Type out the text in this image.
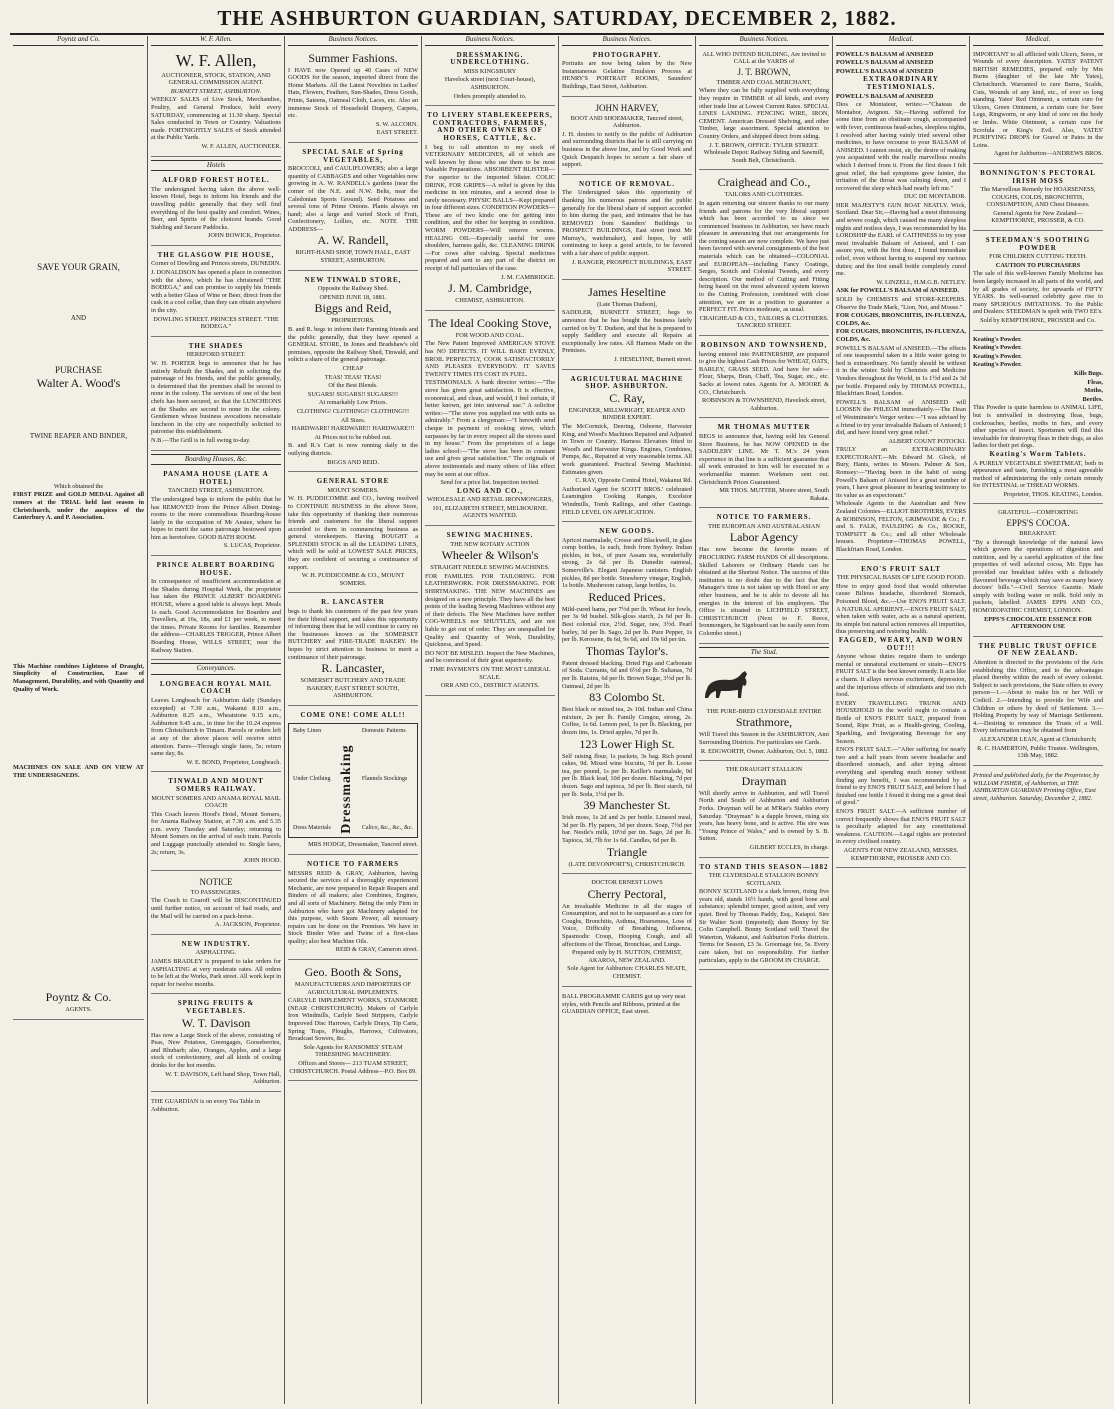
THE ASHBURTON GUARDIAN, SATURDAY, DECEMBER 2, 1882.
Poyntz and Co.
SAVE YOUR GRAIN,
AND
PURCHASE
Walter A. Wood's
TWINE REAPER AND BINDER,

Which obtained the

FIRST PRIZE and GOLD MEDAL Against all comers at the TRIAL held last season in Christchurch, under the auspices of the Canterbury A. and P. Association.

This Machine combines Lightness of Draught, Simplicity of Construction, Ease of Management, Durability, and with Quantity and Quality of Work.

MACHINES ON SALE AND ON VIEW AT THE UNDERSIGNEDS.

Poyntz & Co.

AGENTS.

W. F. Allen.
W. F. Allen,

AUCTIONEER, STOCK, STATION, AND GENERAL COMMISSION AGENT.

BURNETT STREET, ASHBURTON.

WEEKLY SALES of Live Stock, Merchandise, Poultry, and General Produce, held every SATURDAY, commencing at 11.30 sharp. Special Sales conducted in Town or Country. Valuations made. FORTNIGHTLY SALES of Stock attended at the Public Yards.

W. F. ALLEN, AUCTIONEER.

Hotels
ALFORD FOREST HOTEL.

The undersigned having taken the above well-known Hotel, begs to inform his friends and the travelling public generally that they will find everything of the best quality and comfort. Wines, Beer, and Spirits of the choicest brands. Good Stabling and Secure Paddocks.

JOHN BOWICK, Proprietor.

THE GLASGOW PIE HOUSE,

Corner of Dowling and Princes streets, DUNEDIN.

J. DONALDSON has opened a place in connection with the above, which he has christened "THE BODEGA," and can promise to supply his friends with a better Glass of Wine or Beer, direct from the cask in a cool cellar, than they can obtain anywhere in the city.

DOWLING STREET. PRINCES STREET. "THE BODEGA."

THE SHADES

HEREFORD STREET.

W. H. PORTER begs to announce that he has entirely Rebuilt the Shades, and in soliciting the patronage of his friends, and the public generally, is determined that the premises shall be second to none in the colony. The services of one of the best chefs has been secured, so that the LUNCHEONS at the Shades are second to none in the colony. Gentlemen whose business avocations necessitate luncheon in the city are respectfully solicited to patronise this establishment.

N.B.—The Grill is in full swing to-day.

Boarding Houses, &c.
PANAMA HOUSE (LATE A HOTEL)

TANCRED STREET, ASHBURTON.

The undersigned begs to inform the public that he has REMOVED from the Prince Albert Dining-rooms to the more commodious Boarding-house lately in the occupation of Mr Anstee, where he hopes to merit the same patronage bestowed upon him as heretofore. GOOD BATH ROOM.

S. LUCAS, Proprietor.

PRINCE ALBERT BOARDING HOUSE.

In consequence of insufficient accommodation at the Shades during Hospital Week, the proprietor has taken the PRINCE ALBERT BOARDING HOUSE, where a good table is always kept. Meals 1s each. Good Accommodation for Boarders and Travellers, at 16s, 18s, and £1 per week, to meet the times. Private Rooms for families. Remember the address—CHARLES TRIGGER, Prince Albert Boarding House, WILLS STREET, near the Railway Station.

Conveyances.
LONGBEACH ROYAL MAIL COACH

Leaves Longbeach for Ashburton daily (Sundays excepted) at 7.30 a.m., Wakanui 8.10 a.m., Ashburton 8.25 a.m., Wheatstone 9.15 a.m., Ashburton 9.45 a.m., in time for the 10.24 express from Christchurch to Timaru. Parcels or orders left at any of the above places will receive strict attention. Fares—Through single fares, 5s; return same day, 8s.

W. E. BOND, Proprietor, Longbeach.

TINWALD AND MOUNT SOMERS RAILWAY.

MOUNT SOMERS AND ANAMA ROYAL MAIL COACH

This Coach leaves Hood's Hotel, Mount Somers, for Anama Railway Station, at 7.30 a.m. and 5.35 p.m. every Tuesday and Saturday; returning to Mount Somers on the arrival of each train. Parcels and Luggage punctually attended to. Single fares, 2s; return, 3s.

JOHN HOOD.

NOTICE

TO PASSENGERS.

The Coach to Coaroff will be DISCONTINUED until further notice, on account of bad roads, and the Mail will be carried on a pack-horse.

A. JACKSON, Proprietor.

NEW INDUSTRY.

ASPHALTING.

JAMES BRADLEY is prepared to take orders for ASPHALTING at very moderate rates. All orders to be left at the Works, Park street. All work kept in repair for twelve months.

SPRING FRUITS & VEGETABLES.
W. T. Davison

Has now a Large Stock of the above, consisting of Peas, New Potatoes, Greengages, Gooseberries, and Rhubarb; also, Oranges, Apples, and a large stock of confectionery, and all kinds of cooling drinks for the hot months.

W. T. DAVISON, Left hand Shop, Town Hall, Ashburton.

THE GUARDIAN is on every Tea Table in Ashburton.

Business Notices.
Summer Fashions.

I HAVE now Opened up 40 Cases of NEW GOODS for the season, imported direct from the Home Markets. All the Latest Novelties in Ladies' Hats, Flowers, Feathers, Sun-Shades, Dress Goods, Prints, Sateens, Oatmeal Cloth, Laces, etc. Also an immense Stock of Household Drapery, Carpets, etc.

S. W. ALCORN.

EAST STREET.

SPECIAL SALE of Spring VEGETABLES,

BROCCOLI, and CAULIFLOWERS; also a large quantity of CABBAGES and other Vegetables now growing in A. W. RANDELL's gardens (near the corner of the N.E. and N.W. Belts, near the Caledonian Sports Ground). Seed Potatoes and several tons of Prime Onions. Plants always on hand; also a large and varied Stock of Fruit, Confectionery, Lollies, etc. NOTE THE ADDRESS—

A. W. Randell,

RIGHT-HAND SHOP, TOWN HALL, EAST STREET, ASHBURTON.

NEW TINWALD STORE,

Opposite the Railway Shed.

OPENED JUNE 18, 1881.

Biggs and Reid,

PROPRIETORS.

B. and R. begs to inform their Farming friends and the public generally, that they have opened a GENERAL STORE, In Jones and Bradshaw's old premises, opposite the Railway Shed, Tinwald, and solicit a share of the general patronage.

CHEAP

TEAS! TEAS! TEAS!

Of the Best Blends.

SUGARS! SUGARS!! SUGARS!!!

At remarkably Low Prices.

CLOTHING! CLOTHING!! CLOTHING!!!

All Sizes.

HARDWARE! HARDWARE!! HARDWARE!!!

At Prices not to be rubbed out.

B. and R.'s Cart is now running daily in the outlying districts.

BIGGS AND REID.

GENERAL STORE

MOUNT SOMERS.

W. H. PUDDICOMBE and CO., having resolved to CONTINUE BUSINESS in the above Store, take this opportunity of thanking their numerous friends and customers for the liberal support accorded to them in commencing business as general storekeepers. Having BOUGHT a SPLENDID STOCK in all the LEADING LINES, which will be sold at LOWEST SALE PRICES, they are confident of securing a continuance of support.

W. H. PUDDICOMBE & CO., MOUNT SOMERS.

R. LANCASTER

begs to thank his customers of the past few years for their liberal support, and takes this opportunity of informing them that he will continue to carry on the businesses known as the SOMERSET BUTCHERY and FIRE-TRADE BAKERY. He hopes by strict attention to business to merit a continuance of their patronage.

R. Lancaster,

SOMERSET BUTCHERY AND TRADE BAKERY, EAST STREET SOUTH, ASHBURTON.

COME ONE! COME ALL!!

Baby Linen

Under Clothing

Dress Materials Dressmaking

Domestic Patterns

Flannels Stockings

Calico, &c., &c., &c.

MRS HODGE, Dressmaker, Tancred street.

NOTICE TO FARMERS

MESSRS REID & GRAY, Ashburton, having secured the services of a thoroughly experienced Mechanic, are now prepared to Repair Reapers and Binders of all makers; also Combines, Engines, and all sorts of Machinery. Being the only Firm in Ashburton who have got Machinery adapted for this purpose, with Steam Power, all necessary repairs can be done on the Premises. We have in Stock Binder Wire and Twine of a first-class quality; also best Machine Oils.

REID & GRAY, Cameron street.

Geo. Booth & Sons,

MANUFACTURERS AND IMPORTERS OF AGRICULTURAL IMPLEMENTS.

CARLYLE IMPLEMENT WORKS, STANMORE (NEAR CHRISTCHURCH). Makers of Carlyle Iron Windmills, Carlyle Seed Strippers, Carlyle Improved Disc Harrows, Carlyle Drays, Tip Carts, Spring Traps, Ploughs, Harrows, Cultivators, Broadcast Sowers, &c.

Sole Agents for RANSOMES' STEAM THRESHING MACHINERY.

Offices and Stores— 213 TUAM STREET, CHRISTCHURCH. Postal Address—P.O. Box 89.

Business Notices.
DRESSMAKING. UNDERCLOTHING.

MISS KINGSBURY

Havelock street (next Court-house), ASHBURTON.

Orders promptly attended to.

TO LIVERY STABLEKEEPERS, CONTRACTORS, FARMERS, AND OTHER OWNERS OF HORSES, CATTLE, &c.

I beg to call attention to my stock of VETERINARY MEDICINES, all of which are well known by those who use them to be most Valuable Preparations. ABSORBENT BLISTER—For superior to the imported blister. COLIC DRINK, FOR GRIPES—A relief is given by this medicine in ten minutes, and a second dose is rarely necessary. PHYSIC BALLS—Kept prepared in four different sizes. CONDITION POWDERS—These are of two kinds: one for getting into condition, and the other for keeping in condition. WORM POWDERS—Will remove worms. HEALING OIL—Especially useful for sore shoulders, harness galls, &c. CLEANING DRINK—For cows after calving. Special medicines prepared and sent to any part of the district on receipt of full particulars of the case.

J. M. CAMBRIDGE.

J. M. Cambridge,

CHEMIST, ASHBURTON.

The Ideal Cooking Stove,

FOR WOOD AND COAL.

The New Patent Improved AMERICAN STOVE has NO DEFECTS. IT WILL BAKE EVENLY, BROIL PERFECTLY, COOK SATISFACTORILY AND PLEASES EVERYBODY. IT SAVES TWENTY TIMES ITS COST IN FUEL.

TESTIMONIALS. A bank director writes:—"The stove has given great satisfaction. It is effective, economical, and clean, and would, I feel certain, if better known, get into universal use." A solicitor writes:—"The stove you supplied me with suits us admirably." From a clergyman:—"I herewith send cheque in payment of cooking stove, which surpasses by far in every respect all the stoves used in my house." From the proprietors of a large ladies school:—"The stove has been in constant use and gives great satisfaction." The originals of above testimonials and many others of like effect may be seen at our office.

Send for a price list. Inspection invited.

LONG AND CO.,

WHOLESALE AND RETAIL IRONMONGERS,

101, ELIZABETH STREET, MELBOURNE. AGENTS WANTED.

SEWING MACHINES.

THE NEW ROTARY ACTION

Wheeler & Wilson's

STRAIGHT NEEDLE SEWING MACHINES.

FOR FAMILIES. FOR TAILORING. FOR LEATHERWORK. FOR DRESSMAKING. FOR SHIRTMAKING. THE NEW MACHINES are designed on a new principle. They have all the best points of the leading Sewing Machines without any of their defects. The New Machines have neither COG-WHEELS nor SHUTTLES, and are not liable to get out of order. They are unequalled for Quality and Quantity of Work, Durability, Quickness, and Speed.

DO NOT BE MISLED. Inspect the New Machines, and be convinced of their great superiority.

TIME PAYMENTS ON THE MOST LIBERAL SCALE.

ORR AND CO., DISTRICT AGENTS.

Business Notices.
PHOTOGRAPHY.

Portraits are now being taken by the New Instantaneous Gelatine Emulsion Process at HENRY'S PORTRAIT ROOMS, Saunders' Buildings, East Street, Ashburton.

JOHN HARVEY,

BOOT AND SHOEMAKER, Tancred street, Ashburton.

J. H. desires to notify to the public of Ashburton and surrounding districts that he is still carrying on business in the above line, and by Good Work and Quick Despatch hopes to secure a fair share of support.

NOTICE OF REMOVAL.

The Undersigned takes this opportunity of thanking his numerous patrons and the public generally for the liberal share of support accorded to him during the past, and intimates that he has REMOVED from Saunders' Buildings to PROSPECT BUILDINGS, East street (next Mr Murray's, watchmaker), and hopes, by still continuing to keep a good article, to be favored with a fair share of public support.

J. RANGER, PROSPECT BUILDINGS, EAST STREET.

James Heseltine

(Late Thomas Dudson),

SADDLER, BURNETT STREET, begs to announce that he has bought the business lately carried on by T. Dudson, and that he is prepared to supply Saddlery and execute all Repairs at exceptionally low rates. All Harness Made on the Premises.

J. HESELTINE, Burnett street.

AGRICULTURAL MACHINE SHOP. ASHBURTON.
C. Ray,

ENGINEER, MILLWRIGHT, REAPER AND BINDER EXPERT.

The McCormick, Deering, Osborne, Harvester King, and Wood's Machines Repaired and Adjusted in Town or Country. Harness Elevators fitted to Wood's and Harvester Kings. Engines, Combines, Pumps, &c., Repaired at very reasonable terms. All work guaranteed. Practical Sewing Machinist. Estimates given.

C. RAY, Opposite Central Hotel, Wakanui Rd.

Authorised Agent for SCOTT BROS.' celebrated Leamington Cooking Ranges, Excelsior Windmills, Tomb Railings, and other Castings. FIELD LEVEL ON APPLICATION.

NEW GOODS.

Apricot marmalade, Crosse and Blackwell, in glass comp bottles, 1s each, fresh from Sydney. Indian pickles, in bot., of pure Assam tea, wonderfully strong, 2s 6d per lb. Dunedin oatmeal, Somerville's. Elegant Japanese canisters. English pickles, 8d per bottle. Strawberry vinegar, English, 1s bottle. Mushroom catsup, large bottles, 1s.

Reduced Prices.

Mild-cured hams, per 7½d per lb. Wheat for fowls, per 3s 9d bushel. Silk-gloss starch, 2s 6d per lb. Best colonial rice, 2½d. Sugar, raw, 3½d. Pearl barley, 3d per lb. Sago, 2d per lb. Pure Pepper, 1s per lb. Kerosene, 8s 6d, 9s 6d, and 10s 6d per tin.

Thomas Taylor's.

Patent dressed blacking. Dried Figs and Carbonate of Soda. Currants, 6d and 6½d per lb. Sultanas, 7d per lb. Raisins, 6d per lb. Brown Sugar, 3½d per lb. Oatmeal, 2d per lb.

83 Colombo St.

Best black or mixed tea, 2s 10d. Indian and China mixture, 2s per lb. Family Congou, strong, 2s. Coffee, 1s 6d. Lemon peel, 1s per lb. Blacking, per dozen tins, 1s. Dried apples, 7d per lb.

123 Lower High St.

Self raising flour, 1s packets, 3s bag. Rich pound cakes, 9d. Mixed wine biscuits, 7d per lb. Loose tea, per pound, 1s per lb. Keiller's marmalade, 9d per lb. Black lead, 10d per dozen. Blacking, 7d per dozen. Sago and tapioca, 3d per lb. Best starch, 6d per lb. Soda, 1½d per lb.

39 Manchester St.

Irish moss, 1s 2d and 2s per bottle. Linseed meal, 3d per lb. Fly papers, 3d per dozen. Soap, 7½d per bar. Nestle's milk, 10½d per tin. Sago, 2d per lb. Tapioca, 3d, 7lb for 1s 6d. Candles, 6d per lb.

Triangle

(LATE DEVONPORT'S), CHRISTCHURCH.

DOCTOR ERNEST LOW'S

Cherry Pectoral,

An invaluable Medicine in all the stages of Consumption, and not to be surpassed as a cure for Coughs, Bronchitis, Asthma, Hoarseness, Loss of Voice, Difficulty of Breathing, Influenza, Spasmodic Croup, Hooping Cough, and all affections of the Throat, Bronchiae, and Lungs.

Prepared only by H. NUTTON, CHEMIST, AKAROA, NEW ZEALAND.

Sole Agent for Ashburton: CHARLES NEATE, CHEMIST.

BALL PROGRAMME CARDS got up very neat styles, with Pencils and Ribbons, printed at the GUARDIAN OFFICE, East street.

Business Notices.

ALL WHO INTEND BUILDING, Are invited to CALL at the YARDS of

J. T. BROWN,

TIMBER AND COAL MERCHANT,

Where they can be fully supplied with everything they require in TIMBER of all kinds, and every other trade line at Lowest Current Rates. SPECIAL LINES LANDING. FENCING WIRE, IRON, CEMENT. American Dressed Shelving, and other Timber, large assortment. Special attention to Country Orders, and shipped direct from siding.

J. T. BROWN, OFFICE: TYLER STREET. Wholesale Depot: Railway Siding and Sawmill, South Belt, Christchurch.

Craighead and Co.,

TAILORS AND CLOTHIERS.

In again returning our sincere thanks to our many friends and patrons for the very liberal support which has been accorded to us since we commenced business in Ashburton, we have much pleasure in announcing that our arrangements for the coming season are now complete. We have just been favored with several consignments of the best materials which can be obtained—COLONIAL and EUROPEAN—including Fancy Coatings, Serges, Scotch and Colonial Tweeds, and every description. Our method of Cutting and Fitting being based on the most advanced system known to the Cutting Profession, combined with close attention, we are in a position to guarantee a PERFECT FIT. Prices moderate, as usual.

CRAIGHEAD & CO., TAILORS & CLOTHIERS. TANCRED STREET.

ROBINSON AND TOWNSHEND,

having entered into PARTNERSHIP, are prepared to give the highest Cash Prices for WHEAT, OATS, BARLEY, GRASS SEED. And have for sale—Flour, Sharps, Bran, Chaff, Tea, Sugar, etc., etc. Sacks at lowest rates. Agents for A. MOORE & CO., Christchurch.

ROBINSON & TOWNSHEND, Havelock street, Ashburton.

MR THOMAS MUTTER

BEGS to announce that, having sold his General Store Business, he has NOW OPENED in the SADDLERY LINE. Mr T. M.'s 24 years experience in that line is a sufficient guarantee that all work entrusted to him will be executed in a workmanlike manner. Workmen sent out. Christchurch Prices Guaranteed.

MR THOS. MUTTER, Moore street, South Rakaia.

NOTICE TO FARMERS.

THE EUROPEAN AND AUSTRALASIAN

Labor Agency

Has now become the favorite means of PROCURING FARM HANDS Of all descriptions. Skilled Laborers or Ordinary Hands can be obtained at the Shortest Notice. The success of this institution is no doubt due to the fact that the Manager's time is not taken up with Hotel or any other business, and he is able to devote all his energies in the interest of his employers. The Office is situated in LICHFIELD STREET, CHRISTCHURCH (Next to F. Reece, Ironmongers, he Signboard can be easily seen from Colombo street.)

The Stud.

THE PURE-BRED CLYDESDALE ENTIRE

Strathmore,

Will Travel this Season in the ASHBURTON, Ami Surrounding Districts. For particulars see Cards.

R. EDGWORTH, Owner. Ashburton, Oct. 5, 1882.

THE DRAUGHT STALLION

Drayman

Will shortly arrive in Ashburton, and will Travel North and South of Ashburton and Ashburton Forks. Drayman will be at M'Rae's Stables every Saturday. "Drayman" is a dapple brown, rising six years, has heavy bone, and is active. His sire was "Young Prince of Wales," and is owned by S. B. Sutton.

GILBERT ECCLES, In charge.

TO STAND THIS SEASON—1882

THE CLYDESDALE STALLION BONNY SCOTLAND.

BONNY SCOTLAND is a dark brown, rising five years old, stands 16½ hands, with good bone and substance; splendid temper, good action, and very quiet. Bred by Thomas Paddy, Esq., Kaiapoi. Sire Sir Walter Scott (imported); dam Bonny by Sir Colin Campbell. Bonny Scotland will Travel the Waterton, Wakanui, and Ashburton Forks districts. Terms for Season, £3 3s. Groomage fee, 5s. Every care taken, but no responsibility. For further particulars, apply to the GROOM IN CHARGE.

Medical.

POWELL'S BALSAM of ANISEED

POWELL'S BALSAM of ANISEED

POWELL'S BALSAM of ANISEED

EXTRAORDINARY TESTIMONIALS.

POWELL'S BALSAM of ANISEED

Dios ce Montaieur, writes:—"Chateau de Montabor, Avignon. Sir,—Having suffered for some time from an obstinate cough, accompanied with fever, continuous head-aches, sleepless nights, I resolved after having vainly tried several other medicines, to have recourse to your BALSAM of ANISEED. I cannot resist, sir, the desire of making you acquainted with the really marvellous results which I derived from it. From the first doses I felt great relief, the bad symptoms grew fainter, the irritation of the throat was calming down, and I recovered the sleep which had nearly left me."

DUC DE MONTABOR.

HER MAJESTY'S GUN BOAT NEATLY. Wick, Scotland. Dear Sir,—Having had a most distressing and severe cough, which caused me many sleepless nights and restless days, I was recommended by his LORDSHIP the EARL of CAITHNESS to try your most invaluable Balsam of Aniseed, and I can assure you, with the first dose, I found immediate relief, even without having to suspend my various duties; and the first small bottle completely cured me.

W. LINZELL, H.M.G.B. NETLEY.

ASK for POWELL'S BALSAM of ANISEED.

SOLD by CHEMISTS and STORE-KEEPERS. Observe the Trade Mark, "Lion, Net, and Mouse."

FOR COUGHS, BRONCHITIS, IN-FLUENZA, COLDS, &c.

FOR COUGHS, BRONCHITIS, IN-FLUENZA, COLDS, &c.

POWELL'S BALSAM of ANISEED.—The effects of one teaspoonful taken in a little water going to bed is extraordinary. No family should be without it in the winter. Sold by Chemists and Medicine Vendors throughout the World, in 1s 1½d and 2s 3d per bottle. Prepared only by THOMAS POWELL, Blackfriars Road, London.

POWELL'S BALSAM of ANISEED will LOOSEN the PHLEGM immediately.—The Dean of Westminster's Verger writes:—"I was advised by a friend to try your invaluable Balsam of Aniseed; I did, and have found very great relief."

ALBERT COUNT POTOCKI.

TRULY an EXTRAORDINARY EXPECTORANT.—Mr. Edward M. Glock, of Bury, Hants, writes to Messrs. Palmer & Son, Romsey:—"Having been in the habit of using Powell's Balsam of Aniseed for a great number of years, I have great pleasure in bearing testimony to its value as an expectorant."

Wholesale Agents in the Australian and New Zealand Colonies—ELLIOT BROTHERS, EVERS & ROBINSON, FELTON, GRIMWADE & Co.; F. and S. FALK, FAULDING & Co., ROCKE, TOMPSITT & Co.; and all other Wholesale houses. Proprietor—THOMAS POWELL, Blackfriars Road, London.

ENO'S FRUIT SALT

THE PHYSICAL BASIS OF LIFE GOOD FOOD.

How to enjoy good food that would otherwise cause Bilious headache, disordered Stomach, Poisoned Blood, &c.—Use ENO'S FRUIT SALT. A NATURAL APERIENT.—ENO'S FRUIT SALT, when taken with water, acts as a natural aperient, its simple but natural action removes all impurities, thus preserving and restoring health.

FAGGED, WEARY, AND WORN OUT!!!

Anyone whose duties require them to undergo mental or unnatural excitement or strain—ENO'S FRUIT SALT is the best known remedy. It acts like a charm. It allays nervous excitement, depression, and the injurious effects of stimulants and too rich food.

EVERY TRAVELLING TRUNK AND HOUSEHOLD in the world ought to contain a Bottle of ENO'S FRUIT SALT, prepared from Sound, Ripe Fruit, as a Health-giving, Cooling, Sparkling, and Invigorating Beverage for any Season.

ENO'S FRUIT SALT.—"After suffering for nearly two and a half years from severe headache and disordered stomach, and after trying almost everything and spending much money without finding any benefit, I was recommended by a friend to try ENO'S FRUIT SALT, and before I had finished one bottle I found it doing me a great deal of good."

ENO'S FRUIT SALT.—A sufficient number of correct frequently shows that ENO'S FRUIT SALT is peculiarly adapted for any constitutional weakness. CAUTION.—Legal rights are protected in every civilised country.

AGENTS FOR NEW ZEALAND, MESSRS. KEMPTHORNE, PROSSER AND CO.

Medical.

IMPORTANT to all afflicted with Ulcers, Sores, or Wounds of every description. YATES' PATENT BRITISH REMEDIES, prepared only by Mrs Burns (daughter of the late Mr Yates), Christchurch. Warranted to cure Burns, Scalds, Cuts, Wounds of any kind, etc., of ever so long standing. Yates' Red Ointment, a certain cure for Ulcers, Green Ointment, a certain cure for Sore Legs, Ringworm, or any kind of sore on the body or limbs. White Ointment, a certain cure for Scrofula or King's Evil. Also, YATES' PURIFYING DROPS for Gravel or Pains in the Loins.

Agent for Ashburton—ANDREWS BROS.

BONNINGTON'S PECTORAL IRISH MOSS

The Marvellous Remedy for HOARSENESS, COUGHS, COLDS, BRONCHITIS, CONSUMPTION, AND Chest Diseases.

General Agents for New Zealand— KEMPTHORNE, PROSSER, & CO.

STEEDMAN'S SOOTHING POWDER

FOR CHILDREN CUTTING TEETH.

CAUTION TO PURCHASERS

The sale of this well-known Family Medicine has been largely increased in all parts of the world, and by all grades of society, for upwards of FIFTY YEARS. Its well-earned celebrity gave rise to many SPURIOUS IMITATIONS. To the Public and Dealers: STEEDMAN is spelt with TWO EE's.

Sold by KEMPTHORNE, PROSSER and Co.

Keating's Powder.

Keating's Powder.

Keating's Powder.

Keating's Powder.

Kills Bugs.

Fleas,

Moths,

Beetles.

This Powder is quite harmless to ANIMAL LIFE, but is unrivalled in destroying fleas, bugs, cockroaches, beetles, moths in furs, and every other species of insect. Sportsmen will find this invaluable for destroying fleas in their dogs, as also ladies for their pet dogs.

Keating's Worm Tablets.

A PURELY VEGETABLE SWEETMEAT, both in appearance and taste, furnishing a most agreeable method of administering the only certain remedy for INTESTINAL or THREAD WORMS.

Proprietor, THOS. KEATING, London.

GRATEFUL—COMFORTING

EPPS'S COCOA.

BREAKFAST.

"By a thorough knowledge of the natural laws which govern the operations of digestion and nutrition, and by a careful application of the fine properties of well selected cocoa, Mr. Epps has provided our breakfast tables with a delicately flavoured beverage which may save us many heavy doctors' bills."—Civil Service Gazette. Made simply with boiling water or milk. Sold only in packets, labelled: JAMES EPPS AND CO., HOMOEOPATHIC CHEMIST, LONDON.

EPPS'S CHOCOLATE ESSENCE FOR AFTERNOON USE

THE PUBLIC TRUST OFFICE OF NEW ZEALAND.

Attention is directed to the provisions of the Acts establishing this Office, and to the advantages placed thereby within the reach of every colonist. Subject to such provisions, the State offers to every person—1.—About to make his or her Will or Codicil. 2.—Intending to provide for Wife and Children or others by deed of Settlement. 3.—Holding Property by way of Marriage Settlement. 4.—Desiring to renounce the Trusts of a Will. Every information may be obtained from

ALEXANDER LEAN, Agent at Christchurch;

R. C. HAMERTON, Public Trustee. Wellington, 13th May, 1882.

Printed and published daily, for the Proprietor, by WILLIAM FISHER, of Ashburton, at THE ASHBURTON GUARDIAN Printing Office, East street, Ashburton. Saturday, December 2, 1882.
